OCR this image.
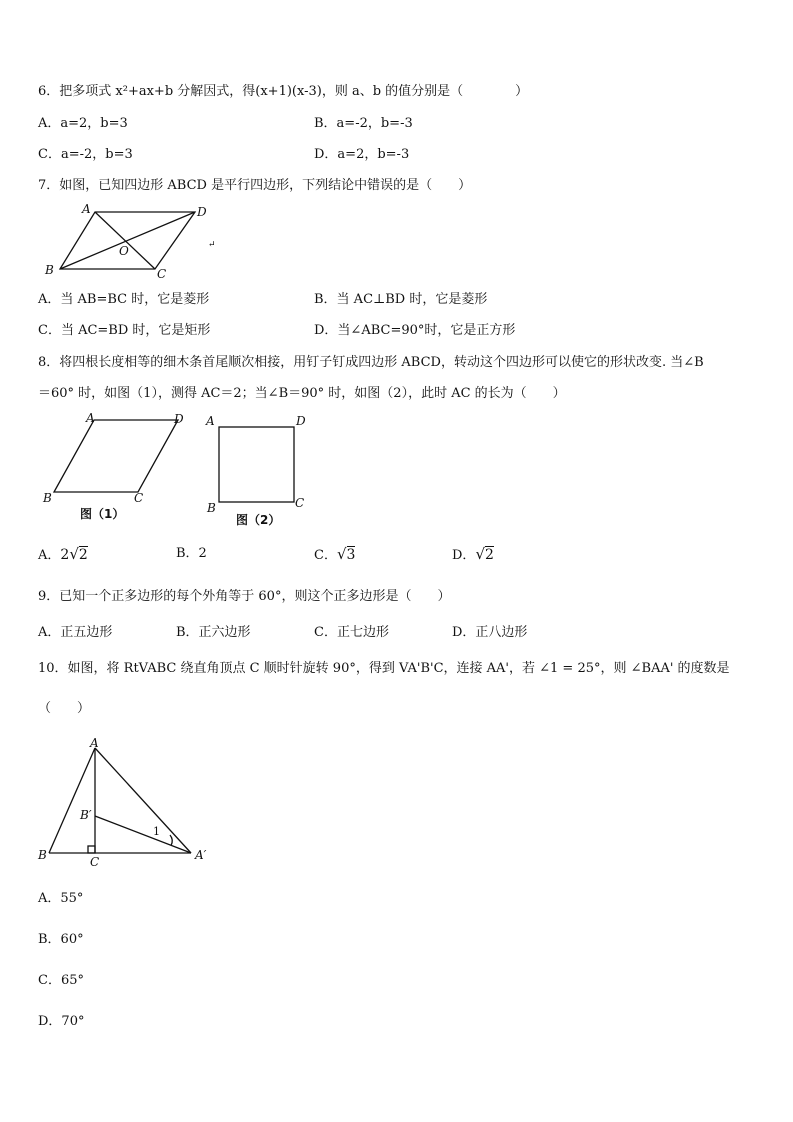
6．把多项式 x²+ax+b 分解因式，得(x+1)(x-3)，则 a、b 的值分别是（　　　　）
A．a=2，b=3	B．a=-2，b=-3
C．a=-2，b=3	D．a=2，b=-3
7．如图，已知四边形 ABCD 是平行四边形，下列结论中错误的是（　　）
A	D
B	C
O	↵
A．当 AB=BC 时，它是菱形	B．当 AC⊥BD 时，它是菱形
C．当 AC=BD 时，它是矩形	D．当∠ABC=90°时，它是正方形
8．将四根长度相等的细木条首尾顺次相接，用钉子钉成四边形 ABCD，转动这个四边形可以使它的形状改变. 当∠B
＝60° 时，如图（1），测得 AC＝2；当∠B＝90° 时，如图（2），此时 AC 的长为（　　）
A	D
B	C
图（1）
A	D
B	C
图（2）
A．2√2	B．2	C．√3	D．√2
9．已知一个正多边形的每个外角等于 60°，则这个正多边形是（　　）
A．正五边形	B．正六边形	C．正七边形	D．正八边形
10．如图，将 RtVABC 绕直角顶点 C 顺时针旋转 90°，得到 VA'B'C，连接 AA'，若 ∠1 = 25°，则 ∠BAA' 的度数是
（　　）
A
B	C
B′
A′
1
A．55°
B．60°
C．65°
D．70°
